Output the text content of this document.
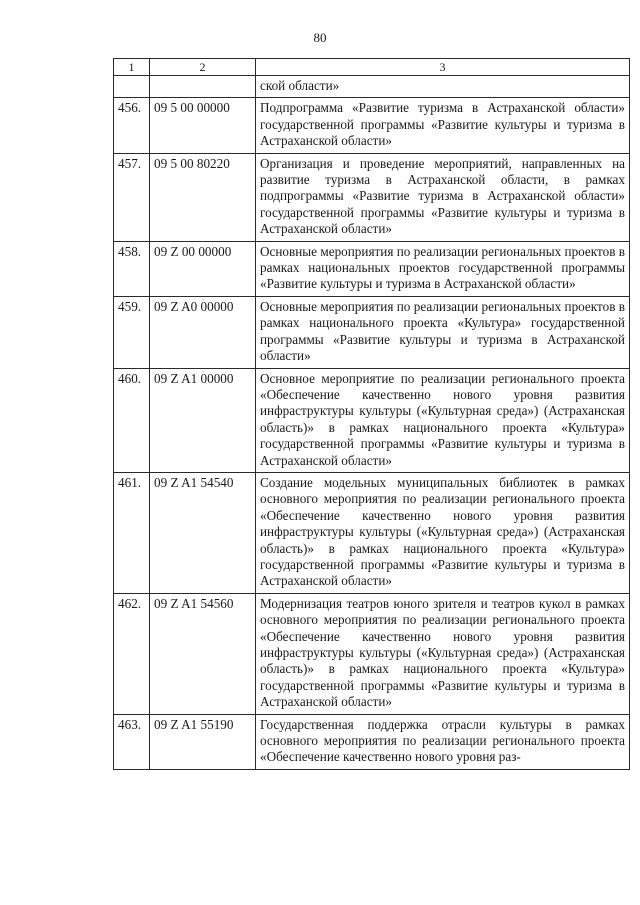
80
1	2	3
		ской области»
456.	09 5 00 00000	Подпрограмма «Развитие туризма в Астраханской области» государственной программы «Развитие культуры и туризма в Астраханской области»
457.	09 5 00 80220	Организация и проведение мероприятий, направленных на развитие туризма в Астраханской области, в рамках подпрограммы «Развитие туризма в Астраханской области» государственной программы «Развитие культуры и туризма в Астраханской области»
458.	09 Z 00 00000	Основные мероприятия по реализации региональных проектов в рамках национальных проектов государственной программы «Развитие культуры и туризма в Астраханской области»
459.	09 Z A0 00000	Основные мероприятия по реализации региональных проектов в рамках национального проекта «Культура» государственной программы «Развитие культуры и туризма в Астраханской области»
460.	09 Z A1 00000	Основное мероприятие по реализации регионального проекта «Обеспечение качественно нового уровня развития инфраструктуры культуры («Культурная среда») (Астраханская область)» в рамках национального проекта «Культура» государственной программы «Развитие культуры и туризма в Астраханской области»
461.	09 Z A1 54540	Создание модельных муниципальных библиотек в рамках основного мероприятия по реализации регионального проекта «Обеспечение качественно нового уровня развития инфраструктуры культуры («Культурная среда») (Астраханская область)» в рамках национального проекта «Культура» государственной программы «Развитие культуры и туризма в Астраханской области»
462.	09 Z A1 54560	Модернизация театров юного зрителя и театров кукол в рамках основного мероприятия по реализации регионального проекта «Обеспечение качественно нового уровня развития инфраструктуры культуры («Культурная среда») (Астраханская область)» в рамках национального проекта «Культура» государственной программы «Развитие культуры и туризма в Астраханской области»
463.	09 Z A1 55190	Государственная поддержка отрасли культуры в рамках основного мероприятия по реализации регионального проекта «Обеспечение качественно нового уровня раз-
